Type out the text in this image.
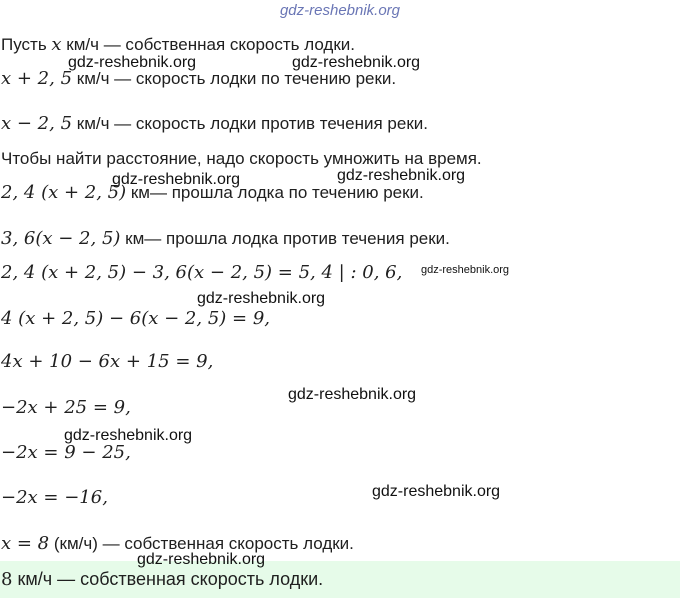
gdz-reshebnik.org
Пусть x км/ч — собственная скорость лодки.
x + 2, 5 км/ч — скорость лодки по течению реки.
x − 2, 5 км/ч — скорость лодки против течения реки.
Чтобы найти расстояние, надо скорость умножить на время.
2, 4 (x + 2, 5) км— прошла лодка по течению реки.
3, 6(x − 2, 5) км— прошла лодка против течения реки.
2, 4 (x + 2, 5) − 3, 6(x − 2, 5) = 5, 4 | : 0, 6,
4 (x + 2, 5) − 6(x − 2, 5) = 9,
4x + 10 − 6x + 15 = 9,
−2x + 25 = 9,
−2x = 9 − 25,
−2x = −16,
x = 8 (км/ч) — собственная скорость лодки.
8 км/ч — собственная скорость лодки.
gdz-reshebnik.org	gdz-reshebnik.org
gdz-reshebnik.org	gdz-reshebnik.org
gdz-reshebnik.org
gdz-reshebnik.org
gdz-reshebnik.org
gdz-reshebnik.org
gdz-reshebnik.org
gdz-reshebnik.org
